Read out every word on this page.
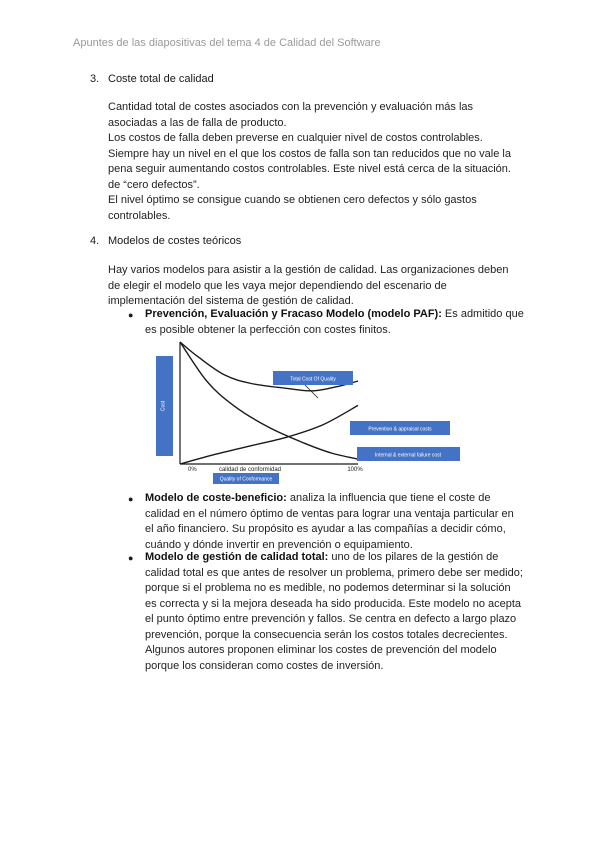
Apuntes de las diapositivas del tema 4 de Calidad del Software
3. Coste total de calidad
Cantidad total de costes asociados con la prevención y evaluación más las
asociadas a las de falla de producto.
Los costos de falla deben preverse en cualquier nivel de costos controlables.
Siempre hay un nivel en el que los costos de falla son tan reducidos que no vale la
pena seguir aumentando costos controlables. Este nivel está cerca de la situación.
de “cero defectos”.
El nivel óptimo se consigue cuando se obtienen cero defectos y sólo gastos
controlables.
4. Modelos de costes teóricos
Hay varios modelos para asistir a la gestión de calidad. Las organizaciones deben
de elegir el modelo que les vaya mejor dependiendo del escenario de
implementación del sistema de gestión de calidad.
● Prevención, Evaluación y Fracaso Modelo (modelo PAF): Es admitido que
es posible obtener la perfección con costes finitos.
Cost
Total Cost Of Quality
Prevention & appraisal costs
Internal & external failure cost
0%	calidad de conformidad	100%
Quality of Conformance
● Modelo de coste-beneficio: analiza la influencia que tiene el coste de
calidad en el número óptimo de ventas para lograr una ventaja particular en
el año financiero. Su propósito es ayudar a las compañías a decidir cómo,
cuándo y dónde invertir en prevención o equipamiento.
● Modelo de gestión de calidad total: uno de los pilares de la gestión de
calidad total es que antes de resolver un problema, primero debe ser medido;
porque si el problema no es medible, no podemos determinar si la solución
es correcta y si la mejora deseada ha sido producida. Este modelo no acepta
el punto óptimo entre prevención y fallos. Se centra en defecto a largo plazo
prevención, porque la consecuencia serán los costos totales decrecientes.
Algunos autores proponen eliminar los costes de prevención del modelo
porque los consideran como costes de inversión.
